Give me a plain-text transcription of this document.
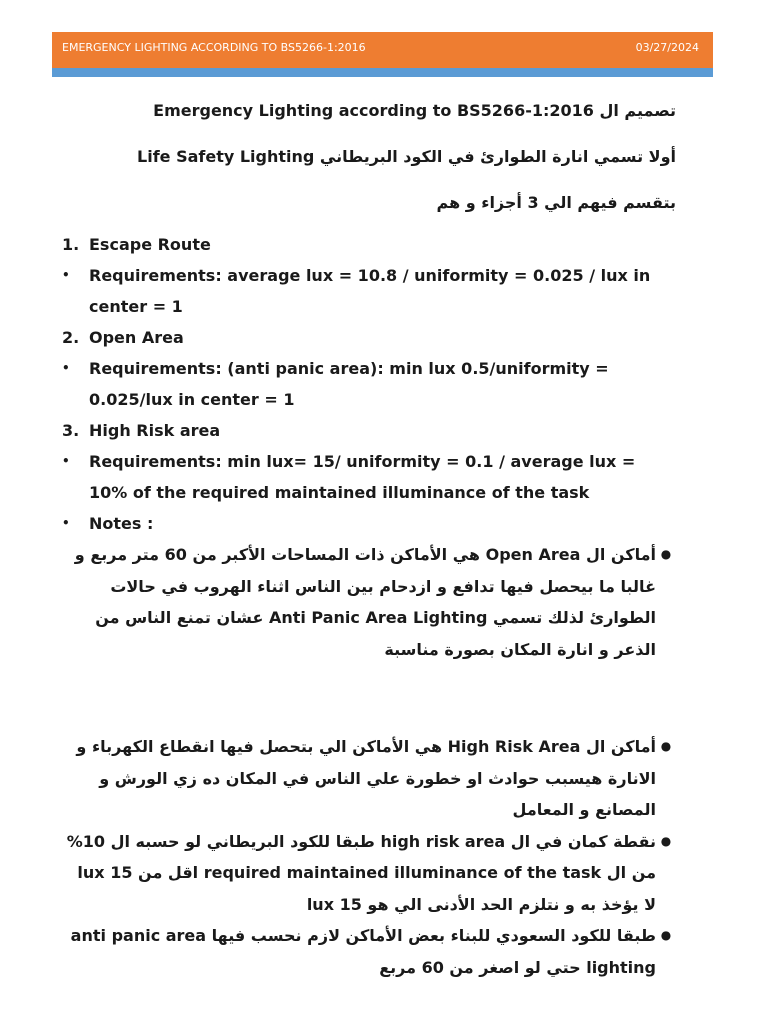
EMERGENCY LIGHTING ACCORDING TO BS5266-1:2016	03/27/2024
تصميم ال Emergency Lighting according to BS5266-1:2016
أولا تسمي انارة الطوارئ في الكود البريطاني Life Safety Lighting
بتقسم فيهم الي 3 أجزاء و هم
1. Escape Route
•	Requirements: average lux = 10.8 / uniformity = 0.025 / lux in center = 1
2. Open Area
•	Requirements: (anti panic area): min lux 0.5/uniformity = 0.025/lux in center = 1
3. High Risk area
•	Requirements: min lux= 15/ uniformity = 0.1 / average lux = 10% of the required maintained illuminance of the task
•	Notes :
●
أماكن ال Open Area هي الأماكن ذات المساحات الأكبر من 60 متر مربع و غالبا ما بيحصل فيها تدافع و ازدحام بين الناس اثناء الهروب في حالات الطوارئ لذلك تسمي Anti Panic Area Lighting عشان تمنع الناس من الذعر و انارة المكان بصورة مناسبة
●
أماكن ال High Risk Area هي الأماكن الي بتحصل فيها انقطاع الكهرباء و الانارة هيسبب حوادث او خطورة علي الناس في المكان ده زي الورش و المصانع و المعامل
●
نقطة كمان في ال high risk area طبقا للكود البريطاني لو حسبه ال 10% من ال required maintained illuminance of the task اقل من 15 lux لا يؤخذ به و نتلزم الحد الأدنى الي هو 15 lux
●
طبقا للكود السعودي للبناء بعض الأماكن لازم نحسب فيها anti panic area lighting حتي لو اصغر من 60 مربع
